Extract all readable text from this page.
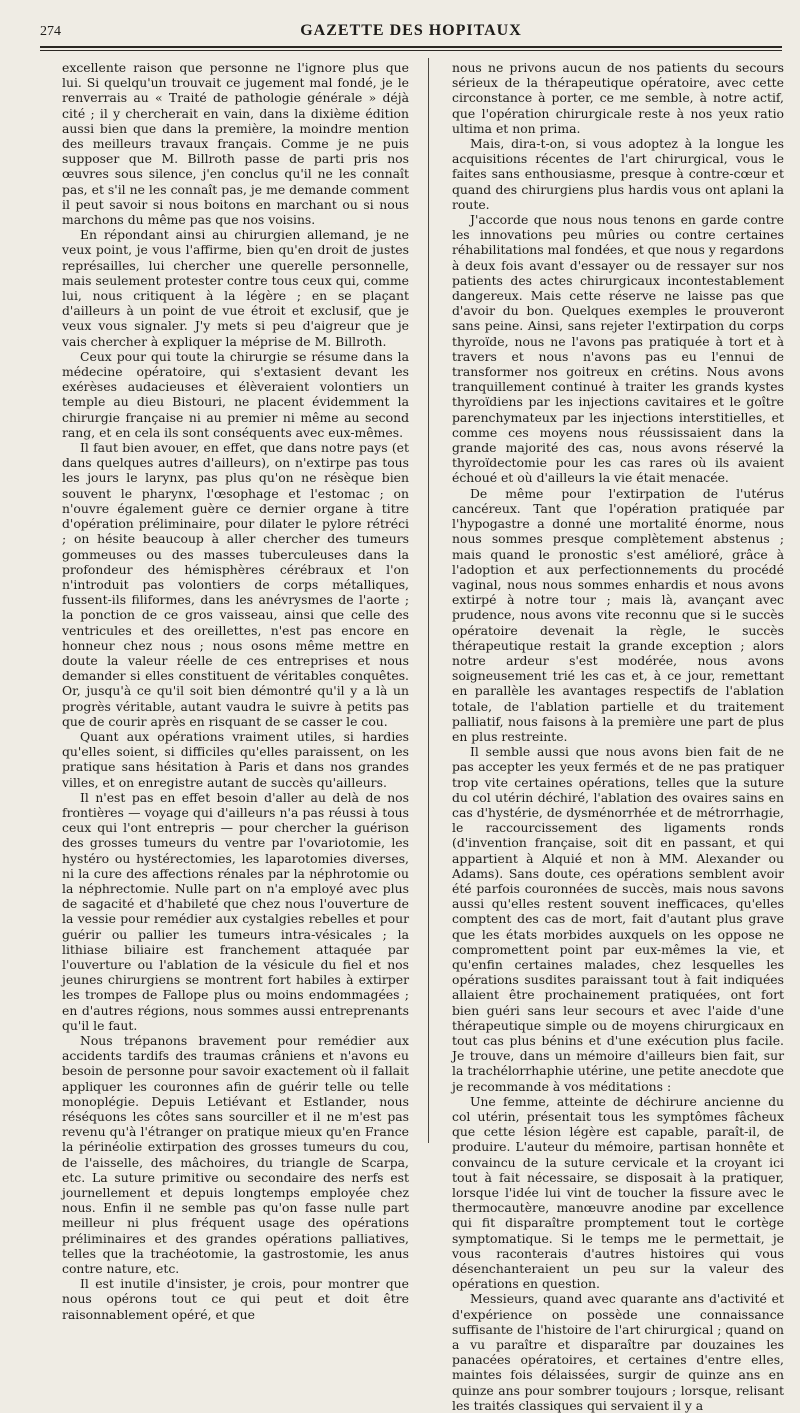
274	GAZETTE DES HOPITAUX

excellente raison que personne ne l'ignore plus que lui. Si quelqu'un trouvait ce jugement mal fondé, je le renverrais au « Traité de pathologie générale » déjà cité ; il y chercherait en vain, dans la dixième édition aussi bien que dans la première, la moindre mention des meilleurs travaux français. Comme je ne puis supposer que M. Billroth passe de parti pris nos œuvres sous silence, j'en conclus qu'il ne les connaît pas, et s'il ne les connaît pas, je me demande comment il peut savoir si nous boitons en marchant ou si nous marchons du même pas que nos voisins.

En répondant ainsi au chirurgien allemand, je ne veux point, je vous l'affirme, bien qu'en droit de justes représailles, lui chercher une querelle personnelle, mais seulement protester contre tous ceux qui, comme lui, nous critiquent à la légère ; en se plaçant d'ailleurs à un point de vue étroit et exclusif, que je veux vous signaler. J'y mets si peu d'aigreur que je vais chercher à expliquer la méprise de M. Billroth.

Ceux pour qui toute la chirurgie se résume dans la médecine opératoire, qui s'extasient devant les exérèses audacieuses et élèveraient volontiers un temple au dieu Bistouri, ne placent évidemment la chirurgie française ni au premier ni même au second rang, et en cela ils sont conséquents avec eux-mêmes.

Il faut bien avouer, en effet, que dans notre pays (et dans quelques autres d'ailleurs), on n'extirpe pas tous les jours le larynx, pas plus qu'on ne résèque bien souvent le pharynx, l'œsophage et l'estomac ; on n'ouvre également guère ce dernier organe à titre d'opération préliminaire, pour dilater le pylore rétréci ; on hésite beaucoup à aller chercher des tumeurs gommeuses ou des masses tuberculeuses dans la profondeur des hémisphères cérébraux et l'on n'introduit pas volontiers de corps métalliques, fussent-ils filiformes, dans les anévrysmes de l'aorte ; la ponction de ce gros vaisseau, ainsi que celle des ventricules et des oreillettes, n'est pas encore en honneur chez nous ; nous osons même mettre en doute la valeur réelle de ces entreprises et nous demander si elles constituent de véritables conquêtes. Or, jusqu'à ce qu'il soit bien démontré qu'il y a là un progrès véritable, autant vaudra le suivre à petits pas que de courir après en risquant de se casser le cou.

Quant aux opérations vraiment utiles, si hardies qu'elles soient, si difficiles qu'elles paraissent, on les pratique sans hésitation à Paris et dans nos grandes villes, et on enregistre autant de succès qu'ailleurs.

Il n'est pas en effet besoin d'aller au delà de nos frontières — voyage qui d'ailleurs n'a pas réussi à tous ceux qui l'ont entrepris — pour chercher la guérison des grosses tumeurs du ventre par l'ovariotomie, les hystéro ou hystérectomies, les laparotomies diverses, ni la cure des affections rénales par la néphrotomie ou la néphrectomie. Nulle part on n'a employé avec plus de sagacité et d'habileté que chez nous l'ouverture de la vessie pour remédier aux cystalgies rebelles et pour guérir ou pallier les tumeurs intra-vésicales ; la lithiase biliaire est franchement attaquée par l'ouverture ou l'ablation de la vésicule du fiel et nos jeunes chirurgiens se montrent fort habiles à extirper les trompes de Fallope plus ou moins endommagées ; en d'autres régions, nous sommes aussi entreprenants qu'il le faut.

Nous trépanons bravement pour remédier aux accidents tardifs des traumas crâniens et n'avons eu besoin de personne pour savoir exactement où il fallait appliquer les couronnes afin de guérir telle ou telle monoplégie. Depuis Letiévant et Estlander, nous réséquons les côtes sans sourciller et il ne m'est pas revenu qu'à l'étranger on pratique mieux qu'en France la périnéolie extirpation des grosses tumeurs du cou, de l'aisselle, des mâchoires, du triangle de Scarpa, etc. La suture primitive ou secondaire des nerfs est journellement et depuis longtemps employée chez nous. Enfin il ne semble pas qu'on fasse nulle part meilleur ni plus fréquent usage des opérations préliminaires et des grandes opérations palliatives, telles que la trachéotomie, la gastrostomie, les anus contre nature, etc.

Il est inutile d'insister, je crois, pour montrer que nous opérons tout ce qui peut et doit être raisonnablement opéré, et que

nous ne privons aucun de nos patients du secours sérieux de la thérapeutique opératoire, avec cette circonstance à porter, ce me semble, à notre actif, que l'opération chirurgicale reste à nos yeux ratio ultima et non prima.

Mais, dira-t-on, si vous adoptez à la longue les acquisitions récentes de l'art chirurgical, vous le faites sans enthousiasme, presque à contre-cœur et quand des chirurgiens plus hardis vous ont aplani la route.

J'accorde que nous nous tenons en garde contre les innovations peu mûries ou contre certaines réhabilitations mal fondées, et que nous y regardons à deux fois avant d'essayer ou de ressayer sur nos patients des actes chirurgicaux incontestablement dangereux. Mais cette réserve ne laisse pas que d'avoir du bon. Quelques exemples le prouveront sans peine. Ainsi, sans rejeter l'extirpation du corps thyroïde, nous ne l'avons pas pratiquée à tort et à travers et nous n'avons pas eu l'ennui de transformer nos goitreux en crétins. Nous avons tranquillement continué à traiter les grands kystes thyroïdiens par les injections cavitaires et le goître parenchymateux par les injections interstitielles, et comme ces moyens nous réussissaient dans la grande majorité des cas, nous avons réservé la thyroïdectomie pour les cas rares où ils avaient échoué et où d'ailleurs la vie était menacée.

De même pour l'extirpation de l'utérus cancéreux. Tant que l'opération pratiquée par l'hypogastre a donné une mortalité énorme, nous nous sommes presque complètement abstenus ; mais quand le pronostic s'est amélioré, grâce à l'adoption et aux perfectionnements du procédé vaginal, nous nous sommes enhardis et nous avons extirpé à notre tour ; mais là, avançant avec prudence, nous avons vite reconnu que si le succès opératoire devenait la règle, le succès thérapeutique restait la grande exception ; alors notre ardeur s'est modérée, nous avons soigneusement trié les cas et, à ce jour, remettant en parallèle les avantages respectifs de l'ablation totale, de l'ablation partielle et du traitement palliatif, nous faisons à la première une part de plus en plus restreinte.

Il semble aussi que nous avons bien fait de ne pas accepter les yeux fermés et de ne pas pratiquer trop vite certaines opérations, telles que la suture du col utérin déchiré, l'ablation des ovaires sains en cas d'hystérie, de dysménorrhée et de métrorrhagie, le raccourcissement des ligaments ronds (d'invention française, soit dit en passant, et qui appartient à Alquié et non à MM. Alexander ou Adams). Sans doute, ces opérations semblent avoir été parfois couronnées de succès, mais nous savons aussi qu'elles restent souvent inefficaces, qu'elles comptent des cas de mort, fait d'autant plus grave que les états morbides auxquels on les oppose ne compromettent point par eux-mêmes la vie, et qu'enfin certaines malades, chez lesquelles les opérations susdites paraissant tout à fait indiquées allaient être prochainement pratiquées, ont fort bien guéri sans leur secours et avec l'aide d'une thérapeutique simple ou de moyens chirurgicaux en tout cas plus bénins et d'une exécution plus facile. Je trouve, dans un mémoire d'ailleurs bien fait, sur la trachélorrhaphie utérine, une petite anecdote que je recommande à vos méditations :

Une femme, atteinte de déchirure ancienne du col utérin, présentait tous les symptômes fâcheux que cette lésion légère est capable, paraît-il, de produire. L'auteur du mémoire, partisan honnête et convaincu de la suture cervicale et la croyant ici tout à fait nécessaire, se disposait à la pratiquer, lorsque l'idée lui vint de toucher la fissure avec le thermocautère, manœuvre anodine par excellence qui fit disparaître promptement tout le cortège symptomatique. Si le temps me le permettait, je vous raconterais d'autres histoires qui vous désenchanteraient un peu sur la valeur des opérations en question.

Messieurs, quand avec quarante ans d'activité et d'expérience on possède une connaissance suffisante de l'histoire de l'art chirurgical ; quand on a vu paraître et disparaître par douzaines les panacées opératoires, et certaines d'entre elles, maintes fois délaissées, surgir de quinze ans en quinze ans pour sombrer toujours ; lorsque, relisant les traités classiques qui servaient il y a
